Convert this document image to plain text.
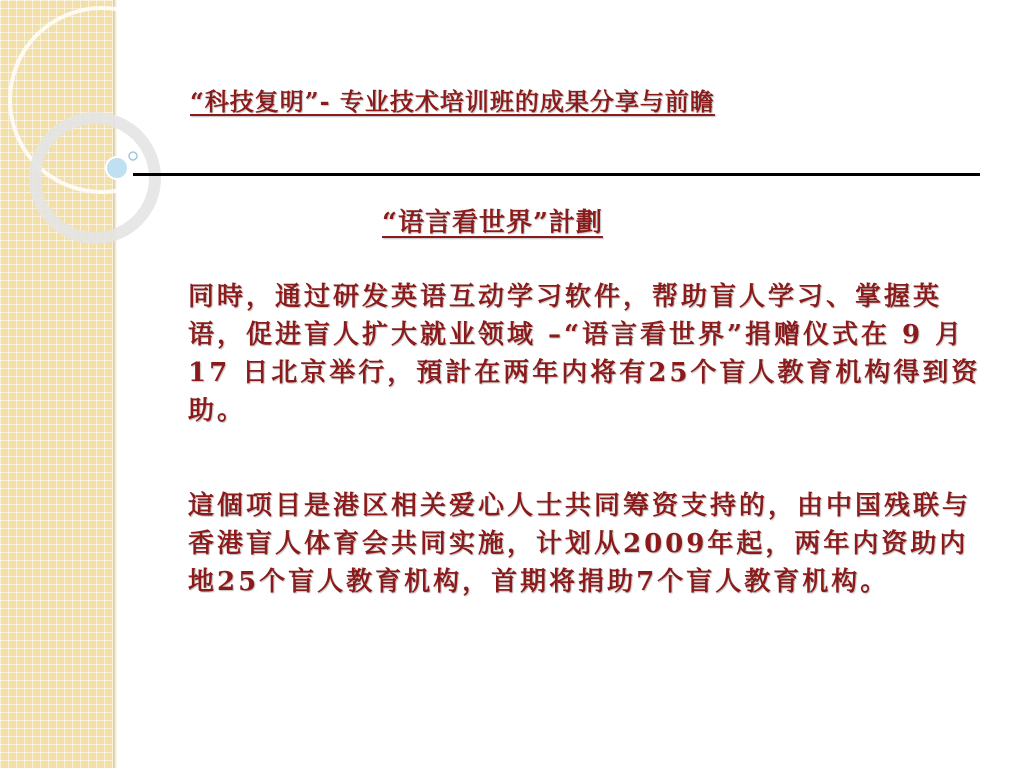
“科技复明”- 专业技术培训班的成果分享与前瞻
“语言看世界”計劃

同時，通过研发英语互动学习软件，帮助盲人学习、掌握英语，促进盲人扩大就业领域 –“语言看世界”捐赠仪式在 9 月17 日北京举行，預計在两年内将有25个盲人教育机构得到资助。

這個项目是港区相关爱心人士共同筹资支持的，由中国残联与香港盲人体育会共同实施，计划从2009年起，两年内资助内地25个盲人教育机构，首期将捐助7个盲人教育机构。
